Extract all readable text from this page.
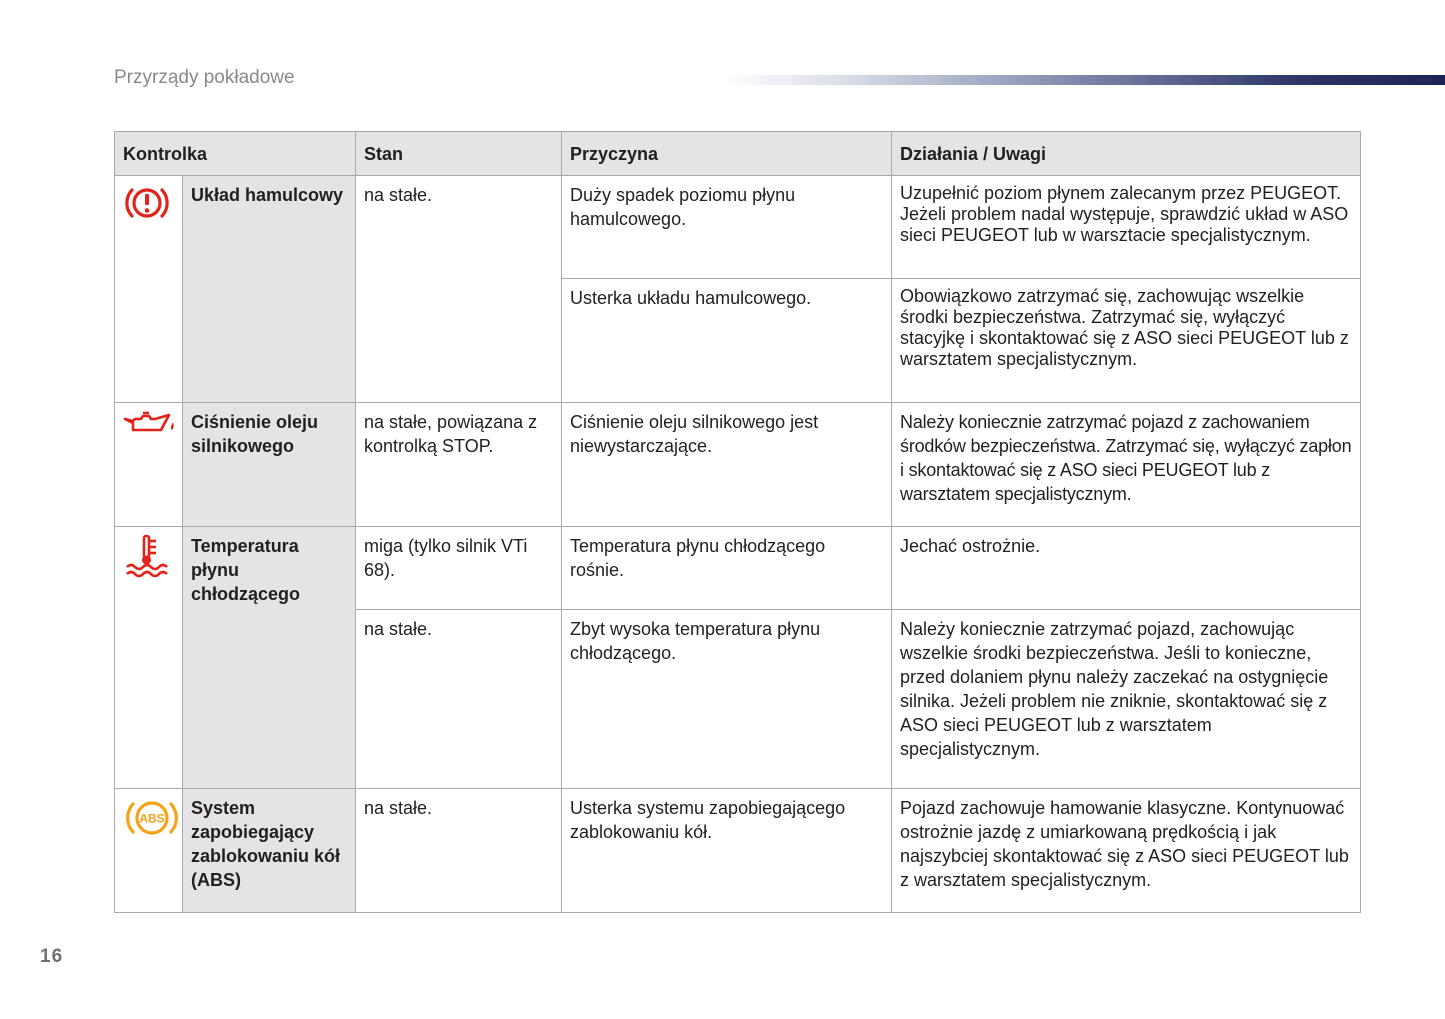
Przyrządy pokładowe
Kontrolka		Stan	Przyczyna	Działania / Uwagi
	Układ hamulcowy	na stałe.	Duży spadek poziomu płynu hamulcowego.	Uzupełnić poziom płynem zalecanym przez PEUGEOT. Jeżeli problem nadal występuje, sprawdzić układ w ASO sieci PEUGEOT lub w warsztacie specjalistycznym.
			Usterka układu hamulcowego.	Obowiązkowo zatrzymać się, zachowując wszelkie środki bezpieczeństwa. Zatrzymać się, wyłączyć stacyjkę i skontaktować się z ASO sieci PEUGEOT lub z warsztatem specjalistycznym.
	Ciśnienie oleju silnikowego	na stałe, powiązana z kontrolką STOP.	Ciśnienie oleju silnikowego jest niewystarczające.	Należy koniecznie zatrzymać pojazd z zachowaniem środków bezpieczeństwa. Zatrzymać się, wyłączyć zapłon i skontaktować się z ASO sieci PEUGEOT lub z warsztatem specjalistycznym.
	Temperatura płynu chłodzącego	miga (tylko silnik VTi 68).	Temperatura płynu chłodzącego rośnie.	Jechać ostrożnie.
		na stałe.	Zbyt wysoka temperatura płynu chłodzącego.	Należy koniecznie zatrzymać pojazd, zachowując wszelkie środki bezpieczeństwa. Jeśli to konieczne, przed dolaniem płynu należy zaczekać na ostygnięcie silnika. Jeżeli problem nie zniknie, skontaktować się z ASO sieci PEUGEOT lub z warsztatem specjalistycznym.

ABS	System zapobiegający zablokowaniu kół (ABS)	na stałe.	Usterka systemu zapobiegającego zablokowaniu kół.	Pojazd zachowuje hamowanie klasyczne. Kontynuować ostrożnie jazdę z umiarkowaną prędkością i jak najszybciej skontaktować się z ASO sieci PEUGEOT lub z warsztatem specjalistycznym.
16
